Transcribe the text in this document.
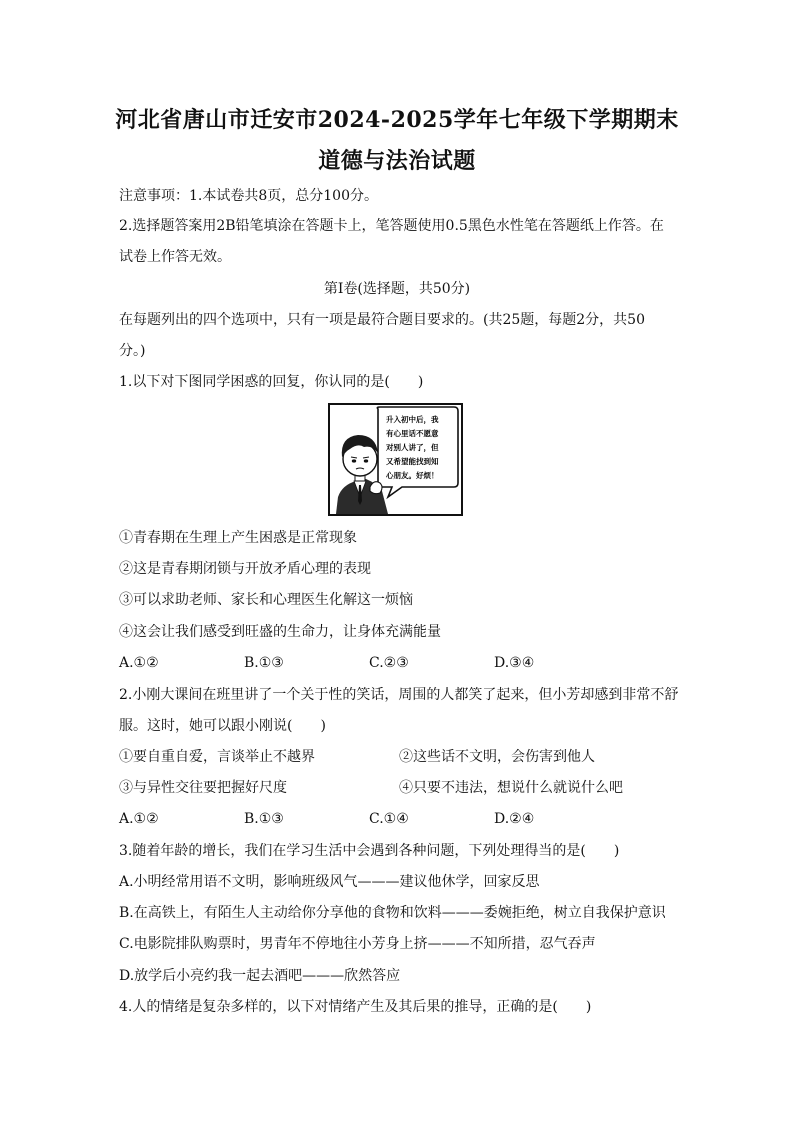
河北省唐山市迁安市2024-2025学年七年级下学期期末
道德与法治试题
注意事项：1.本试卷共8页，总分100分。
2.选择题答案用2B铅笔填涂在答题卡上，笔答题使用0.5黑色水性笔在答题纸上作答。在
试卷上作答无效。
第Ⅰ卷(选择题，共50分)
在每题列出的四个选项中，只有一项是最符合题目要求的。(共25题，每题2分，共50
分。)
1.以下对下图同学困惑的回复，你认同的是(　　)
升入初中后，我
有心里话不愿意
对别人讲了，但
又希望能找到知
心朋友。好烦！
①青春期在生理上产生困惑是正常现象
②这是青春期闭锁与开放矛盾心理的表现
③可以求助老师、家长和心理医生化解这一烦恼
④这会让我们感受到旺盛的生命力，让身体充满能量
A.①②	B.①③	C.②③	D.③④
2.小刚大课间在班里讲了一个关于性的笑话，周围的人都笑了起来，但小芳却感到非常不舒
服。这时，她可以跟小刚说(　　)
①要自重自爱，言谈举止不越界	②这些话不文明，会伤害到他人
③与异性交往要把握好尺度	④只要不违法，想说什么就说什么吧
A.①②	B.①③	C.①④	D.②④
3.随着年龄的增长，我们在学习生活中会遇到各种问题，下列处理得当的是(　　)
A.小明经常用语不文明，影响班级风气———建议他休学，回家反思
B.在高铁上，有陌生人主动给你分享他的食物和饮料———委婉拒绝，树立自我保护意识
C.电影院排队购票时，男青年不停地往小芳身上挤———不知所措，忍气吞声
D.放学后小亮约我一起去酒吧———欣然答应
4.人的情绪是复杂多样的，以下对情绪产生及其后果的推导，正确的是(　　)
